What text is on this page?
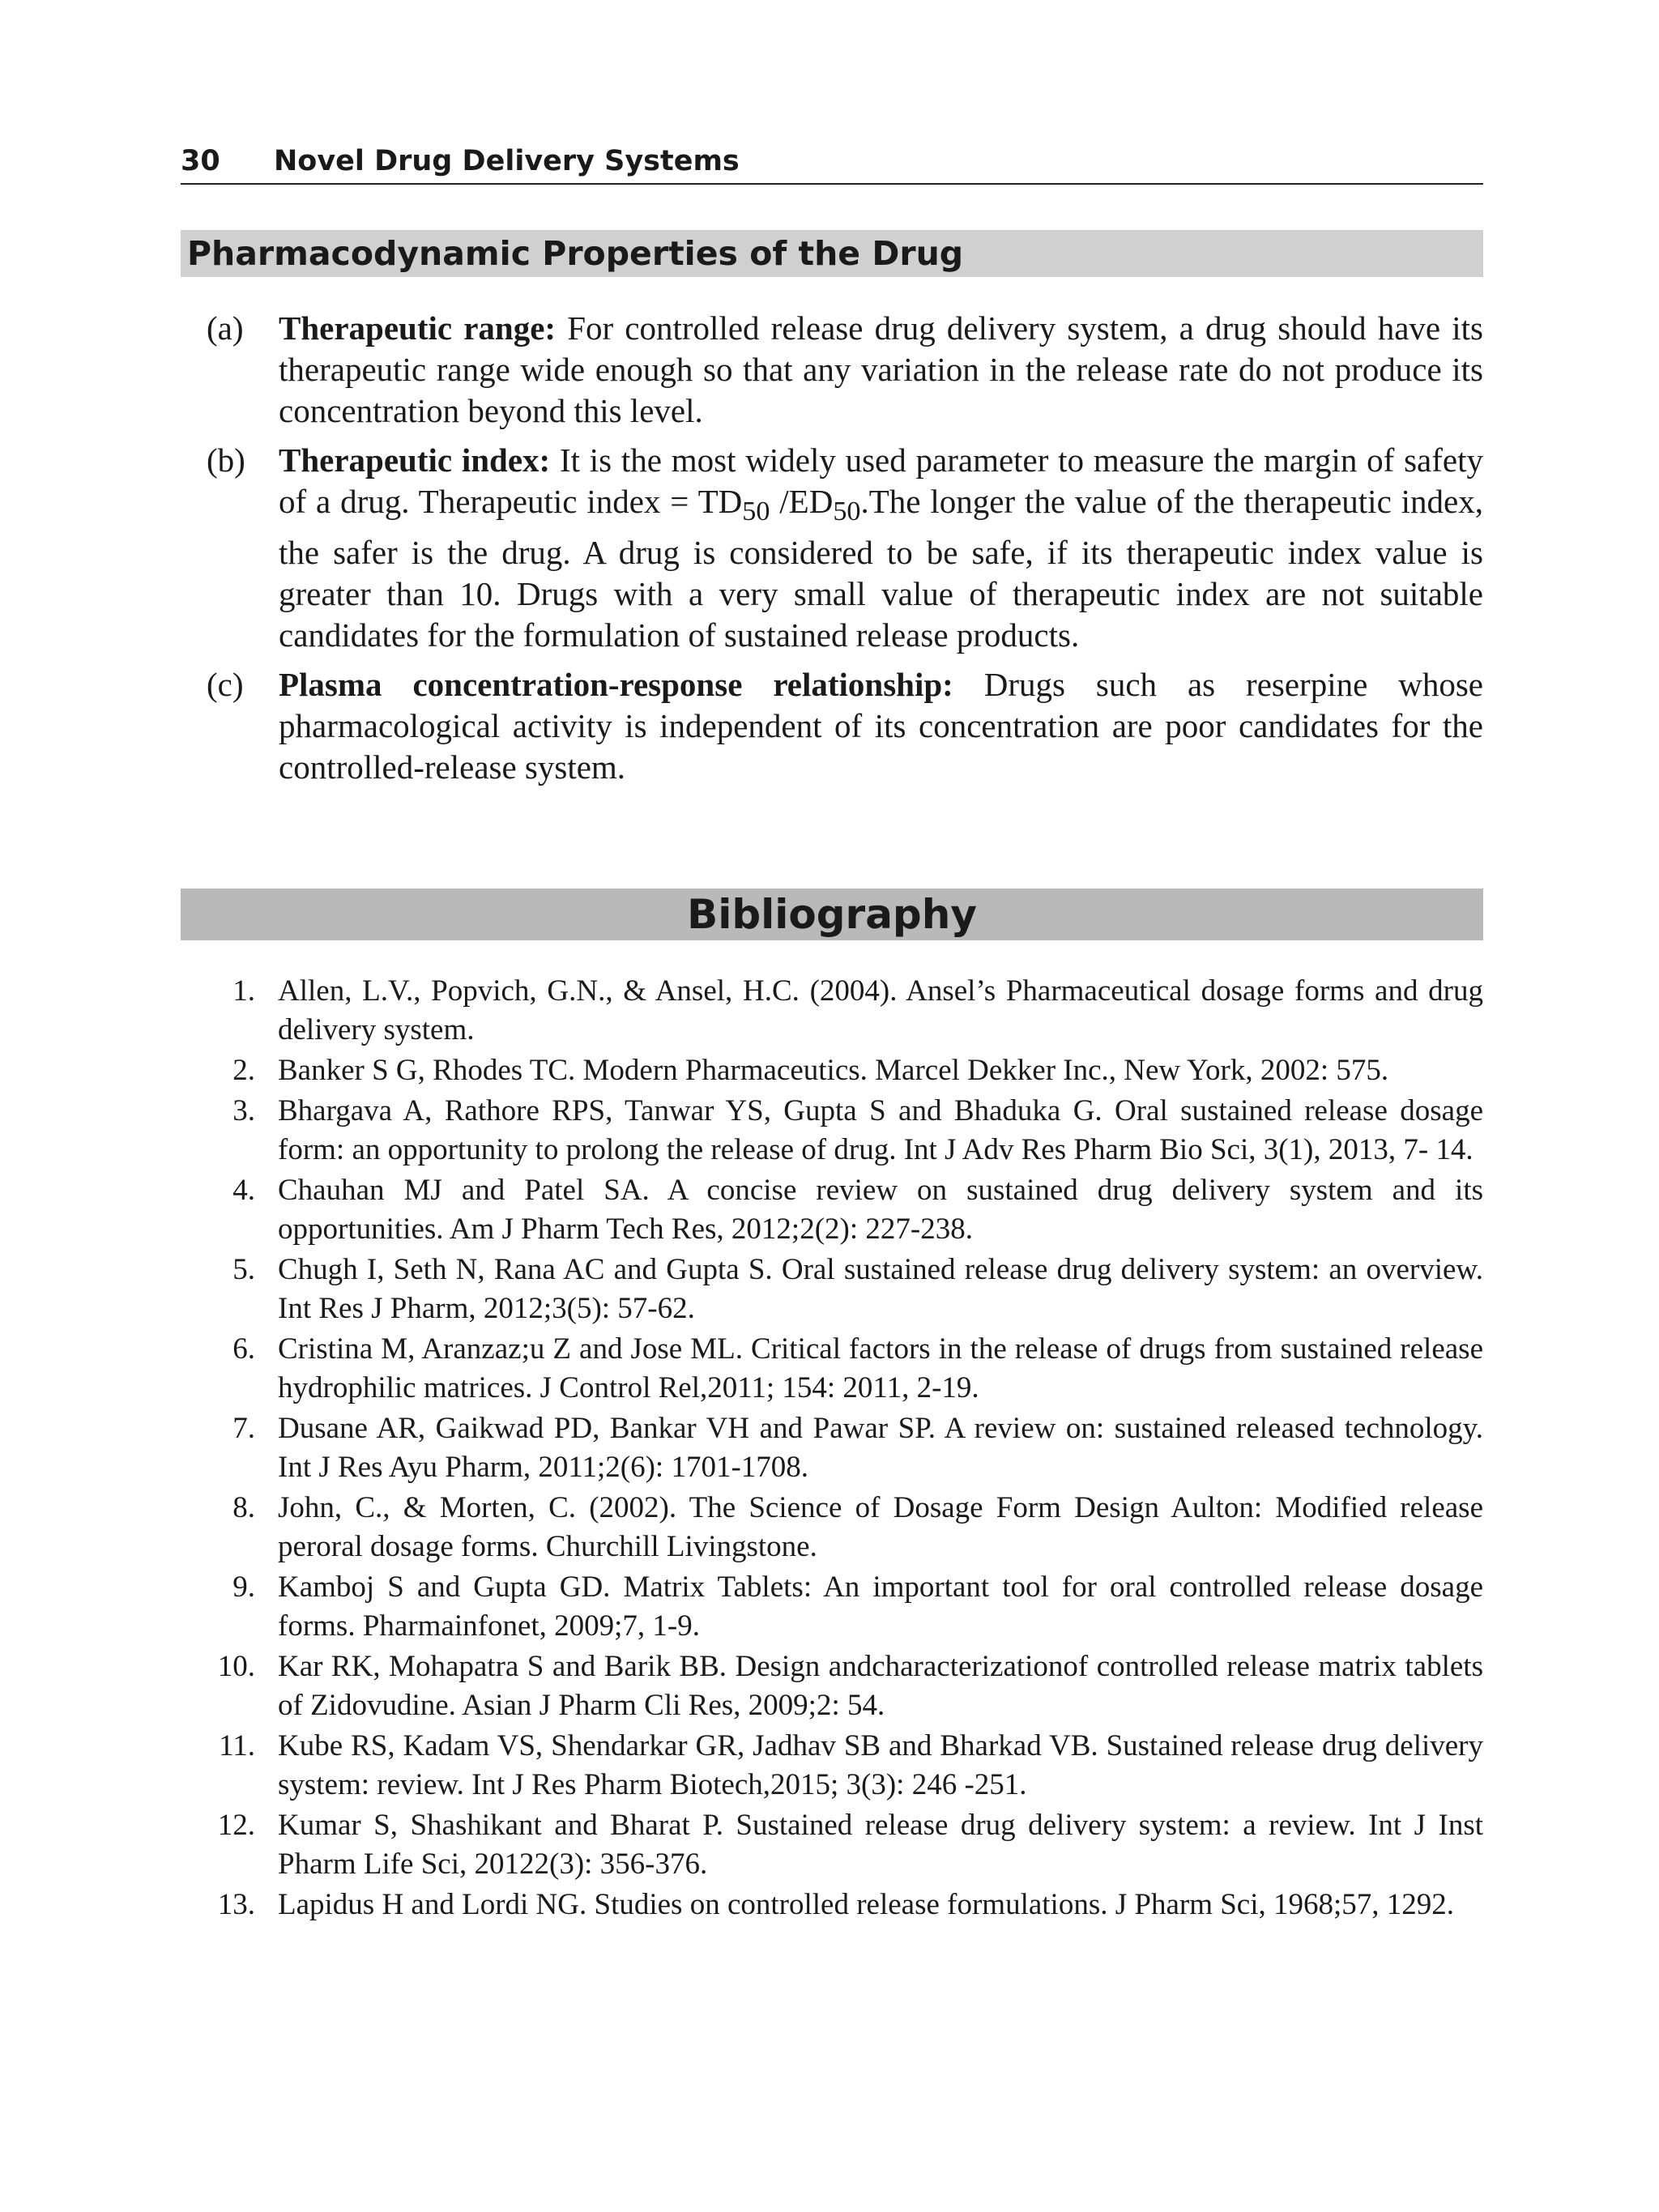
30 Novel Drug Delivery Systems
Pharmacodynamic Properties of the Drug
(a) Therapeutic range: For controlled release drug delivery system, a drug should have its therapeutic range wide enough so that any variation in the release rate do not produce its concentration beyond this level.
(b) Therapeutic index: It is the most widely used parameter to measure the margin of safety of a drug. Therapeutic index = $TD_{50}$ $/ED_{50}.The$ longer the value of the therapeutic index, the safer is the drug. A drug is considered to be safe, if its therapeutic index value is greater than 10. Drugs with a very small value of therapeutic index are not suitable candidates for the formulation of sustained release products.
(c) Plasma concentration-response relationship: Drugs such as reserpine whose pharmacological activity is independent of its concentration are poor candidates for the controlled-release system.
Bibliography
1. Allen, L.V., Popvich, G.N., & Ansel, H.C. (2004). Ansel’s Pharmaceutical dosage forms and drug delivery system.
2. Banker S G, Rhodes TC. Modern Pharmaceutics. Marcel Dekker Inc., New York, 2002: 575.
3. Bhargava A, Rathore RPS, Tanwar YS, Gupta S and Bhaduka G. Oral sustained release dosage form: an opportunity to prolong the release of drug. Int J Adv Res Pharm Bio Sci, 3(1), 2013, 7- 14.
4. Chauhan MJ and Patel SA. A concise review on sustained drug delivery system and its opportunities. Am J Pharm Tech Res, 2012;2(2): 227-238.
5. Chugh I, Seth N, Rana AC and Gupta S. Oral sustained release drug delivery system: an overview. Int Res J Pharm, 2012;3(5): 57-62.
6. Cristina M, Aranzaz;u Z and Jose ML. Critical factors in the release of drugs from sustained release hydrophilic matrices. J Control Rel,2011; 154: 2011, 2-19.
7. Dusane AR, Gaikwad PD, Bankar VH and Pawar SP. A review on: sustained released technology. Int J Res Ayu Pharm, 2011;2(6): 1701-1708.
8. John, C., & Morten, C. (2002). The Science of Dosage Form Design Aulton: Modified release peroral dosage forms. Churchill Livingstone.
9. Kamboj S and Gupta GD. Matrix Tablets: An important tool for oral controlled release dosage forms. Pharmainfonet, 2009;7, 1-9.
10. Kar RK, Mohapatra S and Barik BB. Design andcharacterizationof controlled release matrix tablets of Zidovudine. Asian J Pharm Cli Res, 2009;2: 54.
11. Kube RS, Kadam VS, Shendarkar GR, Jadhav SB and Bharkad VB. Sustained release drug delivery system: review. Int J Res Pharm Biotech,2015; 3(3): 246 -251.
12. Kumar S, Shashikant and Bharat P. Sustained release drug delivery system: a review. Int J Inst Pharm Life Sci, 20122(3): 356-376.
13. Lapidus H and Lordi NG. Studies on controlled release formulations. J Pharm Sci, 1968;57, 1292.
